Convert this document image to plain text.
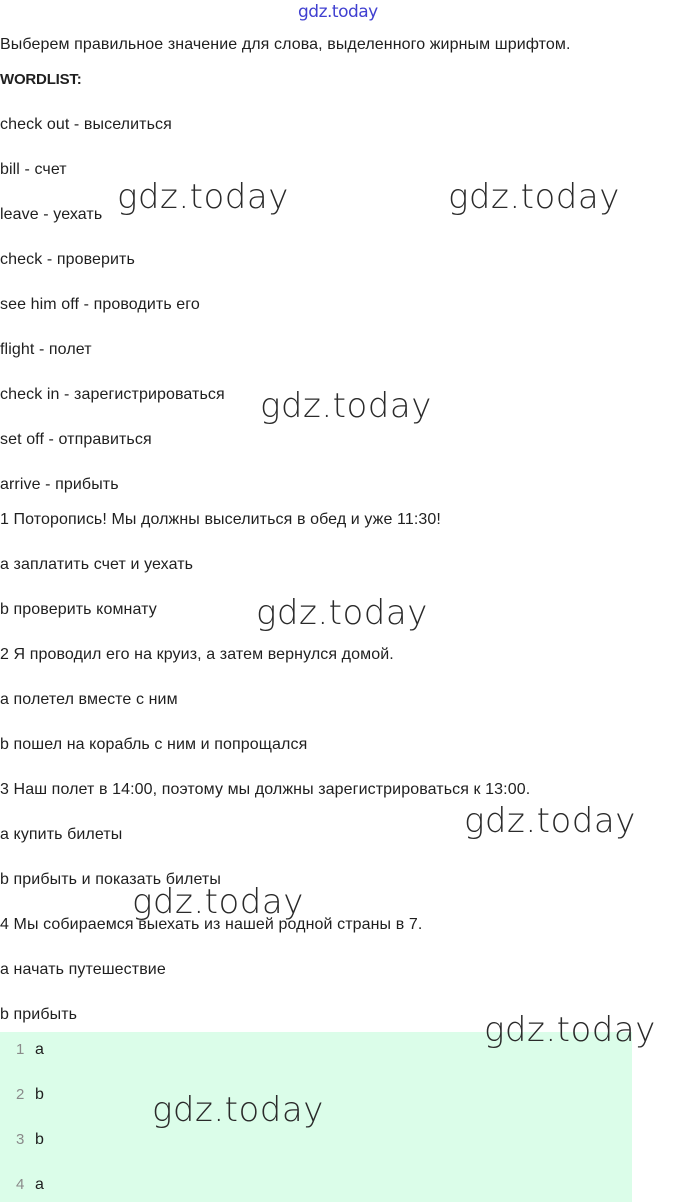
gdz.today
Выберем правильное значение для слова, выделенного жирным шрифтом.
WORDLIST:
check out - выселиться
bill - счет
leave - уехать
check - проверить
see him off - проводить его
flight - полет
check in - зарегистрироваться
set off - отправиться
arrive - прибыть
1 Поторопись! Мы должны выселиться в обед и уже 11:30!
a заплатить счет и уехать
b проверить комнату
2 Я проводил его на круиз, а затем вернулся домой.
a полетел вместе с ним
b пошел на корабль с ним и попрощался
3 Наш полет в 14:00, поэтому мы должны зарегистрироваться к 13:00.
a купить билеты
b прибыть и показать билеты
4 Мы собираемся выехать из нашей родной страны в 7.
a начать путешествие
b прибыть
1 a
2 b
3 b
4 a
gdz.today	gdz.today
gdz.today
gdz.today
gdz.today
gdz.today
gdz.today
gdz.today
